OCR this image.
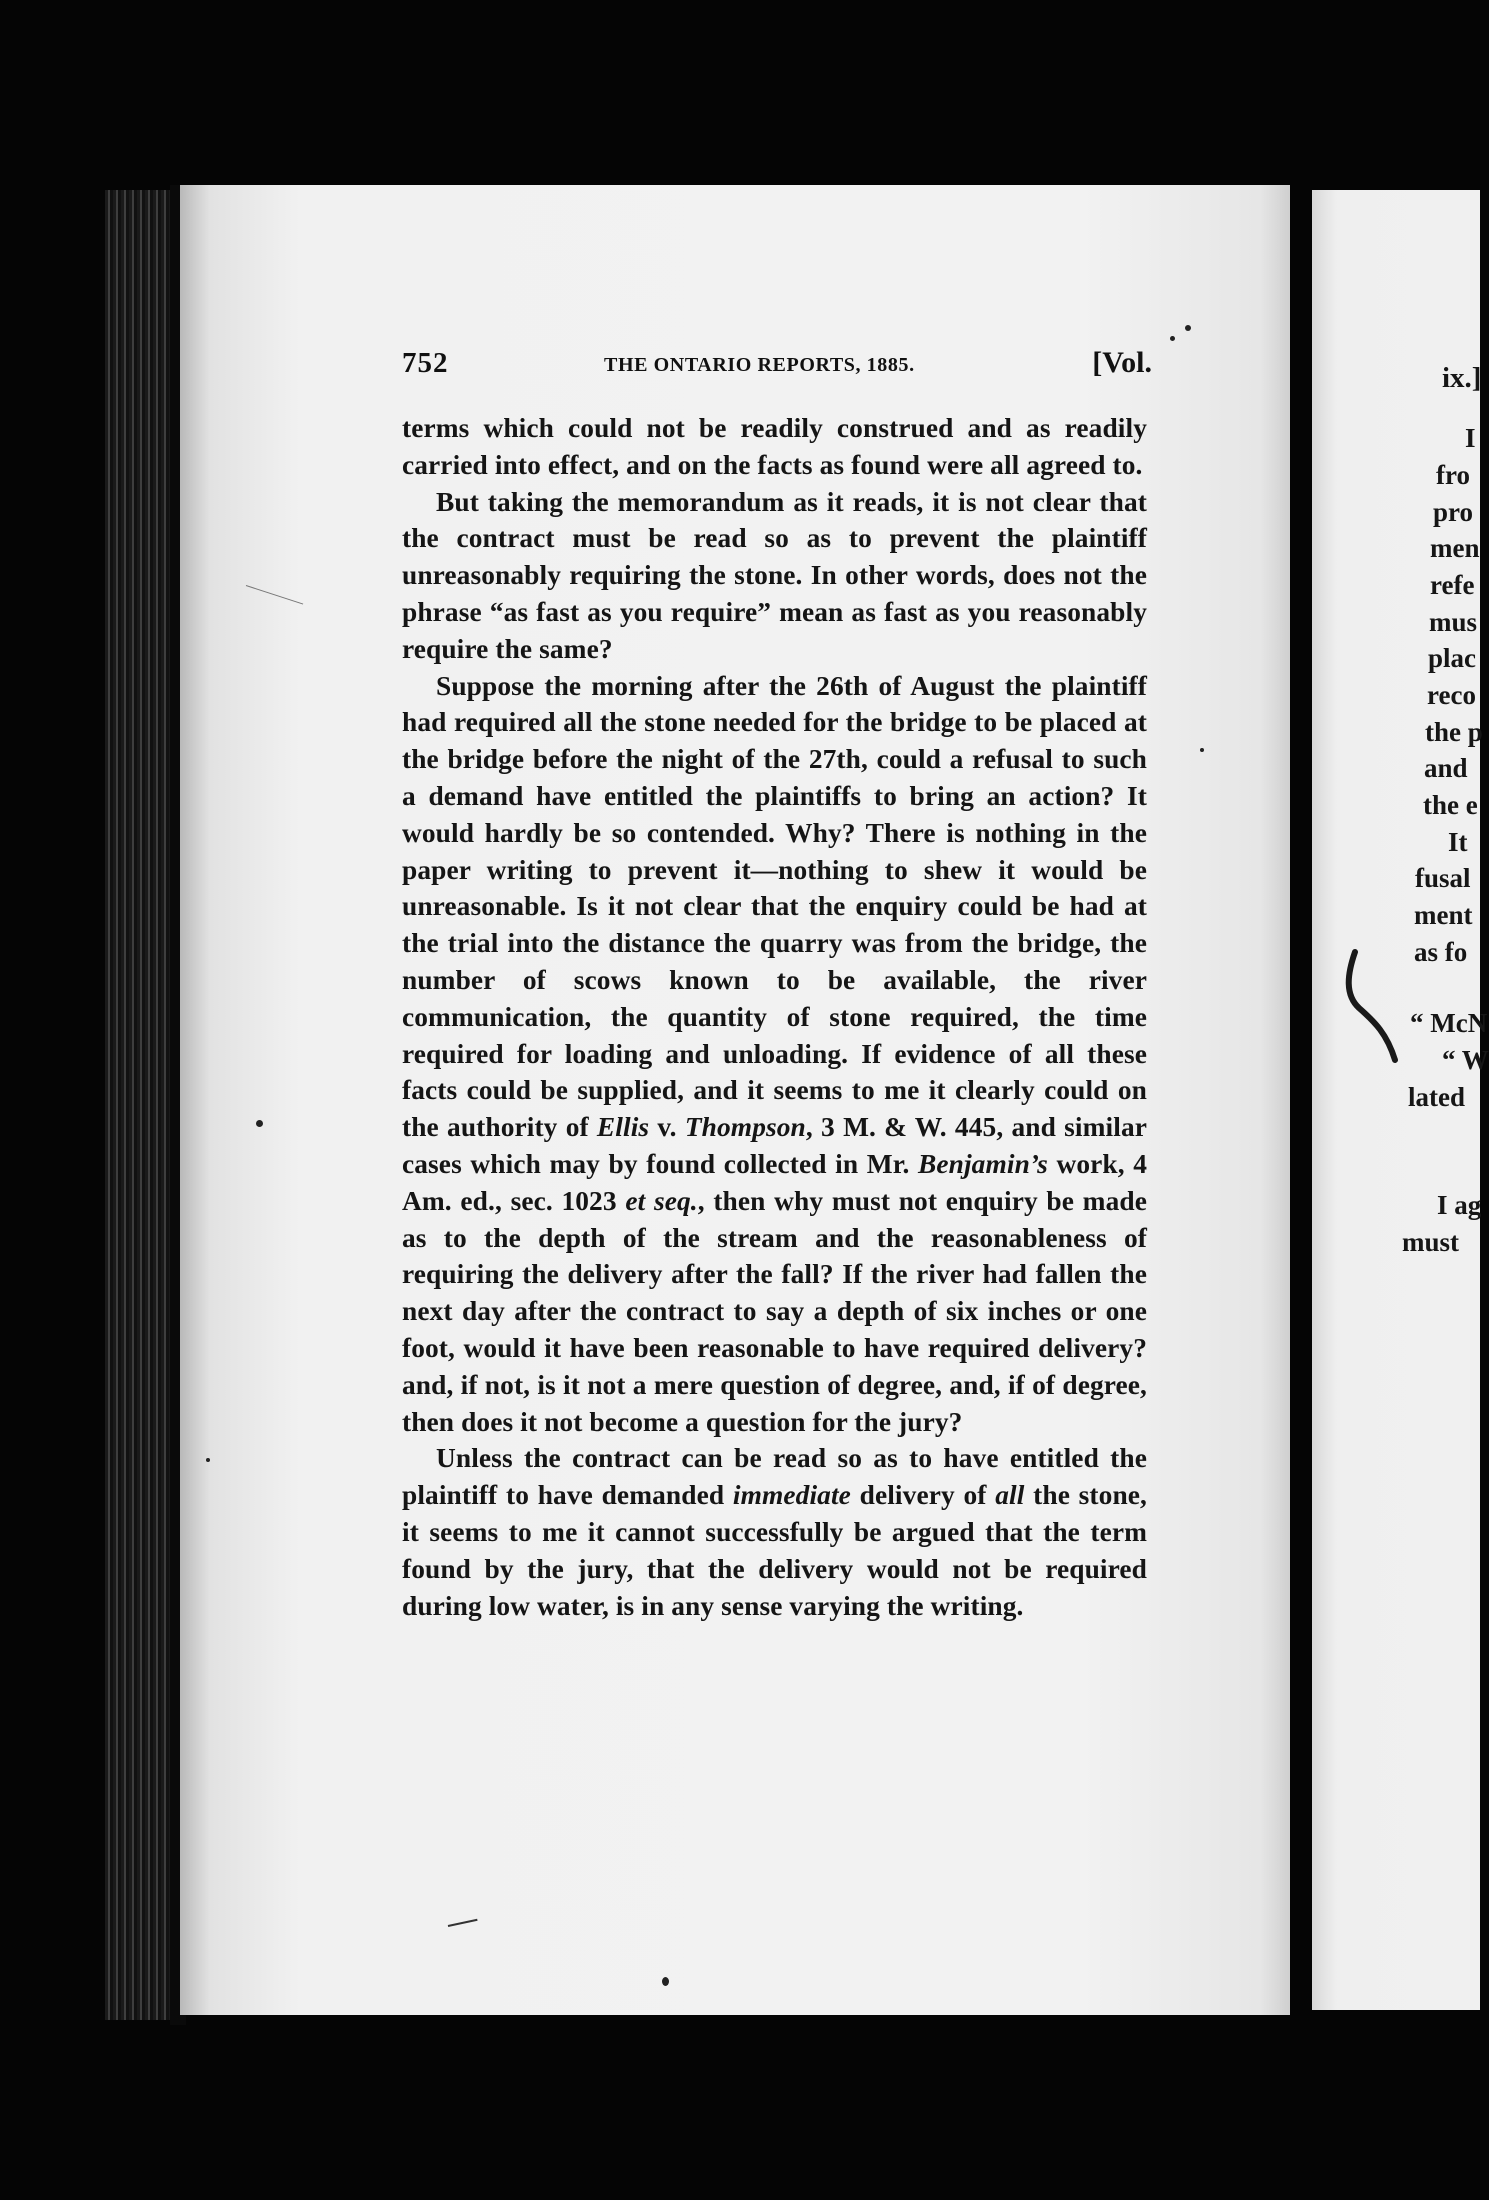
752	THE ONTARIO REPORTS, 1885.	[Vol.

terms which could not be readily construed and as readily carried into effect, and on the facts as found were all agreed to.

But taking the memorandum as it reads, it is not clear that the contract must be read so as to prevent the plaintiff unreasonably requiring the stone. In other words, does not the phrase “as fast as you require” mean as fast as you reasonably require the same?

Suppose the morning after the 26th of August the plaintiff had required all the stone needed for the bridge to be placed at the bridge before the night of the 27th, could a refusal to such a demand have entitled the plaintiffs to bring an action? It would hardly be so contended. Why? There is nothing in the paper writing to prevent it—nothing to shew it would be unreasonable. Is it not clear that the enquiry could be had at the trial into the distance the quarry was from the bridge, the number of scows known to be available, the river communication, the quantity of stone required, the time required for loading and unloading. If evidence of all these facts could be supplied, and it seems to me it clearly could on the authority of Ellis v. Thompson, 3 M. & W. 445, and similar cases which may by found collected in Mr. Benjamin’s work, 4 Am. ed., sec. 1023 et seq., then why must not enquiry be made as to the depth of the stream and the reasonableness of requiring the delivery after the fall? If the river had fallen the next day after the contract to say a depth of six inches or one foot, would it have been reasonable to have required delivery? and, if not, is it not a mere question of degree, and, if of degree, then does it not become a question for the jury?

Unless the contract can be read so as to have entitled the plaintiff to have demanded immediate delivery of all the stone, it seems to me it cannot successfully be argued that the term found by the jury, that the delivery would not be required during low water, is in any sense varying the writing.

ix.]
I
fro
pro
men
refe
mus
plac
reco
the p
and
the e
It
fusal
ment
as fo
“ McN
“ W
lated
I ag
must
